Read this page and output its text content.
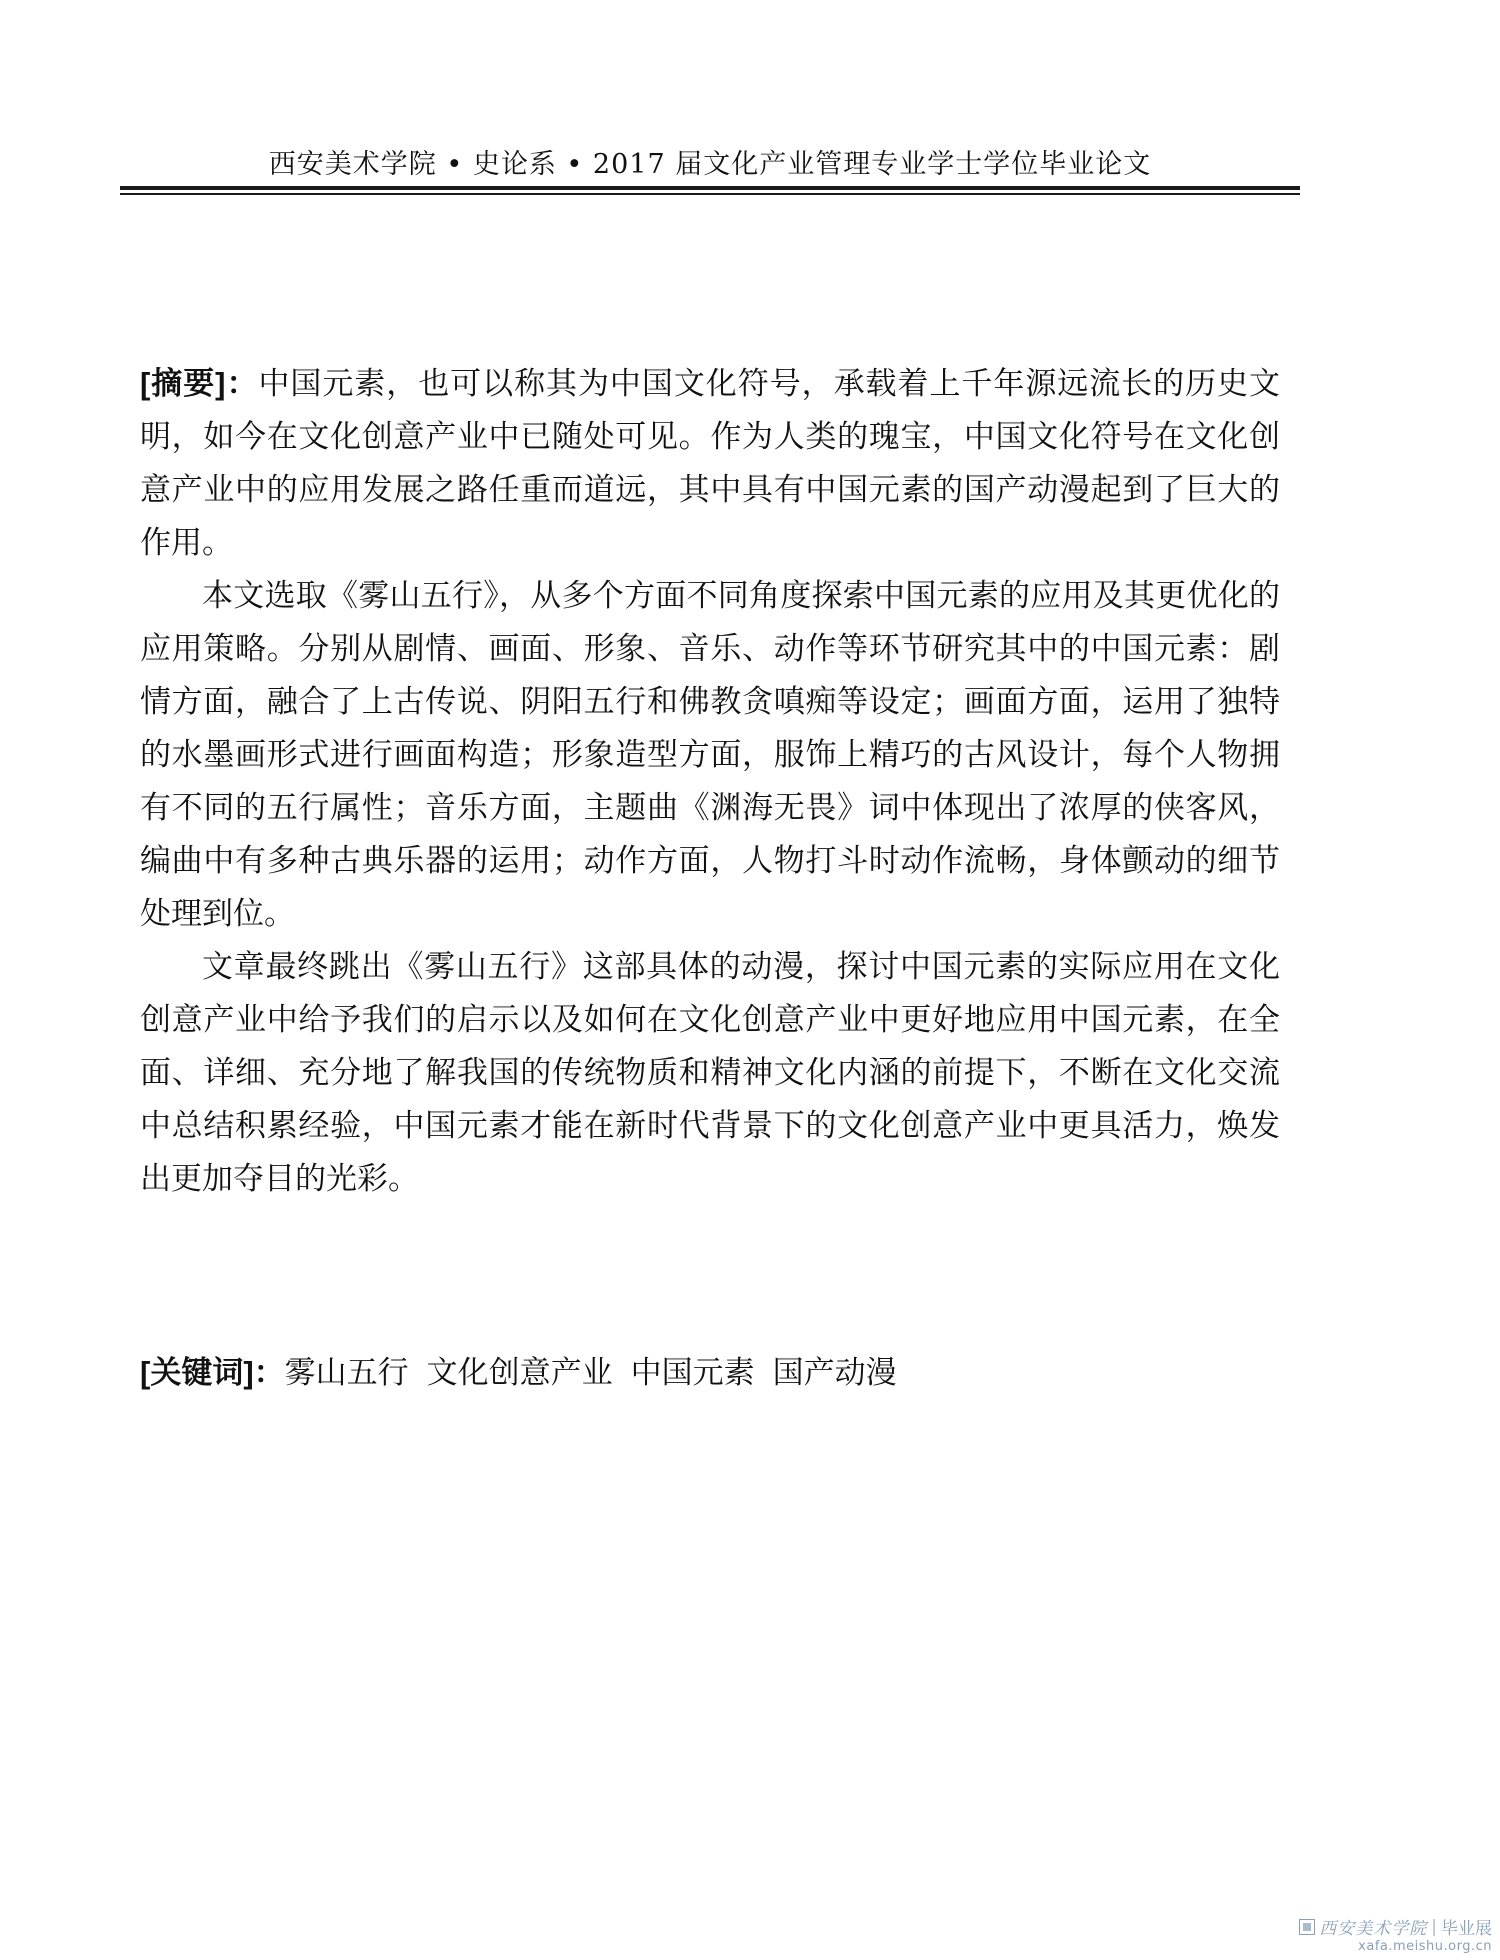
西安美术学院 • 史论系 • 2017 届文化产业管理专业学士学位毕业论文

[摘要]：中国元素，也可以称其为中国文化符号，承载着上千年源远流长的历史文明，如今在文化创意产业中已随处可见。作为人类的瑰宝，中国文化符号在文化创意产业中的应用发展之路任重而道远，其中具有中国元素的国产动漫起到了巨大的作用。

本文选取《雾山五行》，从多个方面不同角度探索中国元素的应用及其更优化的应用策略。分别从剧情、画面、形象、音乐、动作等环节研究其中的中国元素：剧情方面，融合了上古传说、阴阳五行和佛教贪嗔痴等设定；画面方面，运用了独特的水墨画形式进行画面构造；形象造型方面，服饰上精巧的古风设计，每个人物拥有不同的五行属性；音乐方面，主题曲《渊海无畏》词中体现出了浓厚的侠客风，编曲中有多种古典乐器的运用；动作方面，人物打斗时动作流畅，身体颤动的细节处理到位。

文章最终跳出《雾山五行》这部具体的动漫，探讨中国元素的实际应用在文化创意产业中给予我们的启示以及如何在文化创意产业中更好地应用中国元素，在全面、详细、充分地了解我国的传统物质和精神文化内涵的前提下，不断在文化交流中总结积累经验，中国元素才能在新时代背景下的文化创意产业中更具活力，焕发出更加夺目的光彩。

[关键词]：雾山五行 文化创意产业 中国元素 国产动漫
西安美术学院 | 毕业展
xafa.meishu.org.cn
